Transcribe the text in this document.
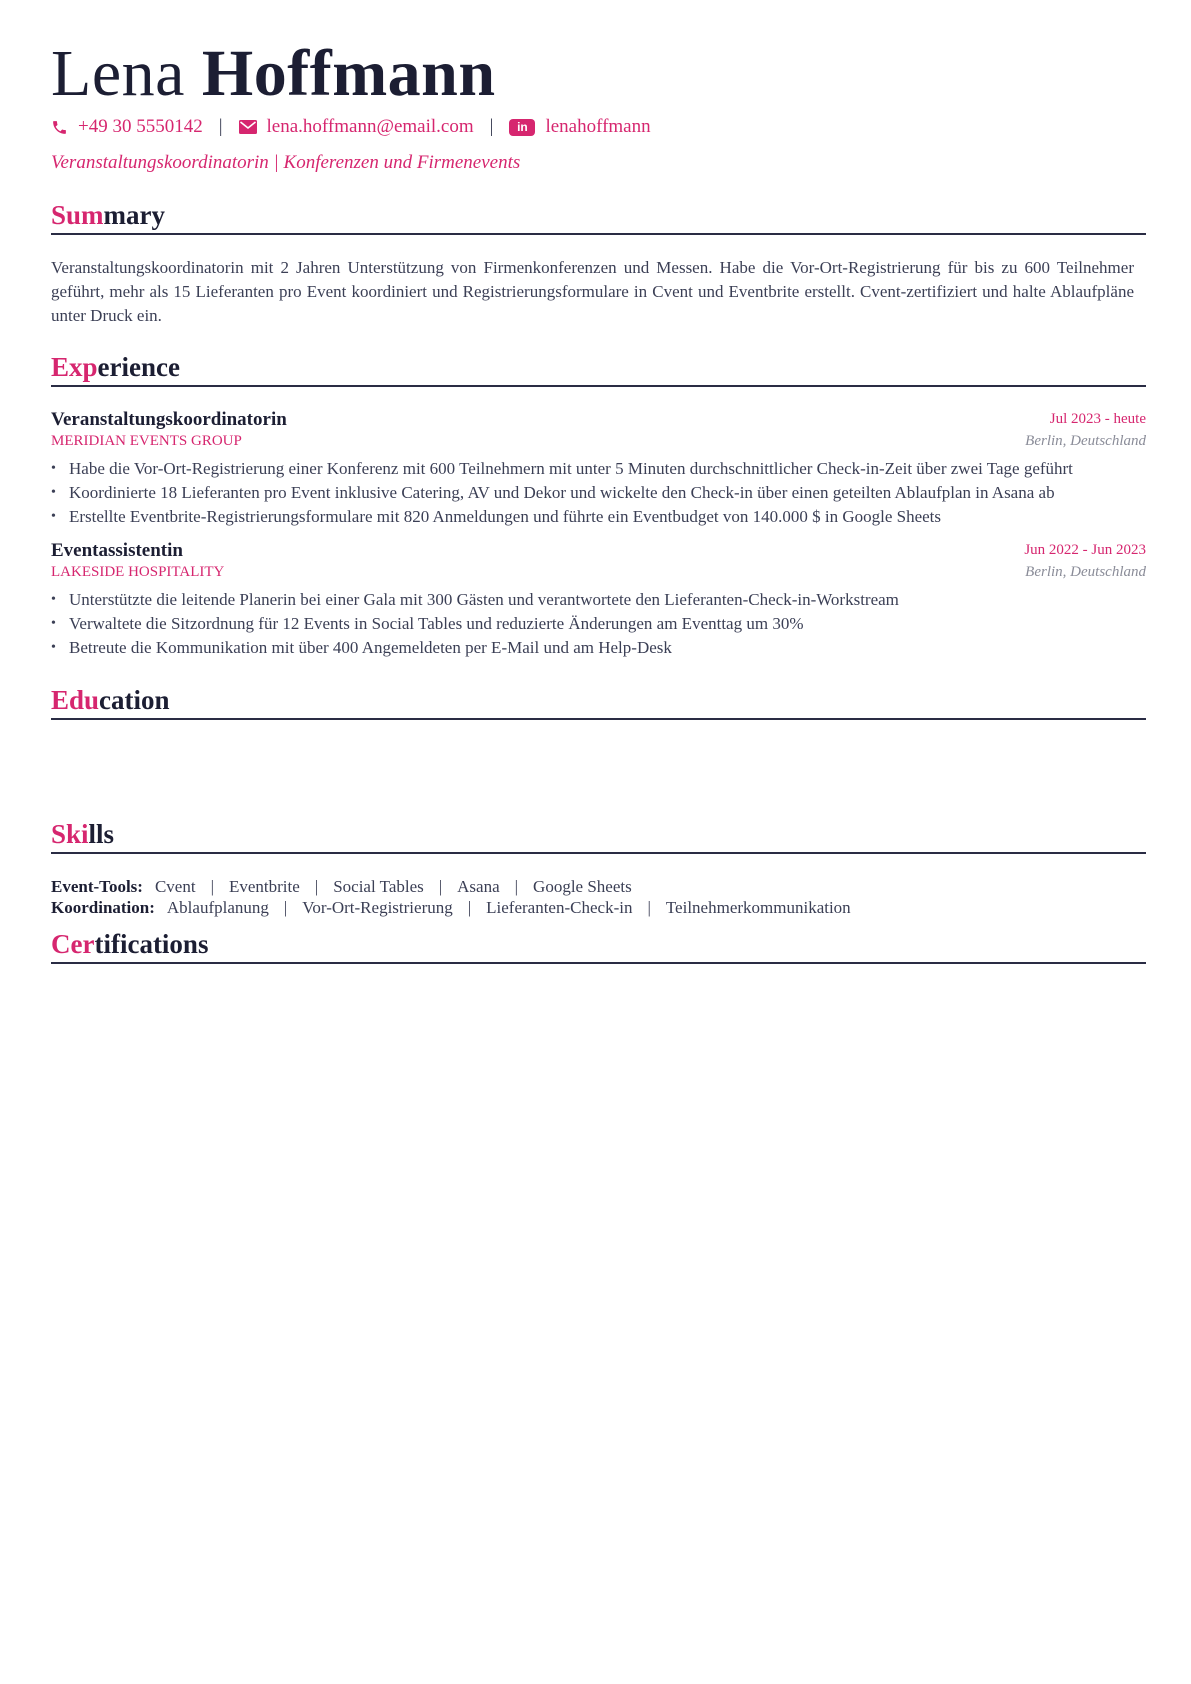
Lena Hoffmann
+49 30 5550142 | lena.hoffmann@email.com |	in lenahoffmann
Veranstaltungskoordinatorin | Konferenzen und Firmenevents
Summary
Veranstaltungskoordinatorin mit 2 Jahren Unterstützung von Firmenkonferenzen und Messen. Habe die Vor-Ort-Registrierung für bis zu 600 Teilnehmer geführt, mehr als 15 Lieferanten pro Event koordiniert und Registrierungsformulare in Cvent und Eventbrite erstellt. Cvent-zertifiziert und halte Ablaufpläne unter Druck ein.
Experience
Veranstaltungskoordinatorin	Jul 2023 - heute
MERIDIAN EVENTS GROUP	Berlin, Deutschland
• Habe die Vor-Ort-Registrierung einer Konferenz mit 600 Teilnehmern mit unter 5 Minuten durchschnittlicher Check-in-Zeit über zwei Tage geführt
• Koordinierte 18 Lieferanten pro Event inklusive Catering, AV und Dekor und wickelte den Check-in über einen geteilten Ablaufplan in Asana ab
• Erstellte Eventbrite-Registrierungsformulare mit 820 Anmeldungen und führte ein Eventbudget von 140.000 $ in Google Sheets
Eventassistentin	Jun 2022 - Jun 2023
LAKESIDE HOSPITALITY	Berlin, Deutschland
• Unterstützte die leitende Planerin bei einer Gala mit 300 Gästen und verantwortete den Lieferanten-Check-in-Workstream
• Verwaltete die Sitzordnung für 12 Events in Social Tables und reduzierte Änderungen am Eventtag um 30%
• Betreute die Kommunikation mit über 400 Angemeldeten per E-Mail und am Help-Desk
Education
Skills
Event-Tools: Cvent | Eventbrite | Social Tables | Asana | Google Sheets
Koordination: Ablaufplanung | Vor-Ort-Registrierung | Lieferanten-Check-in | Teilnehmerkommunikation
Certifications
